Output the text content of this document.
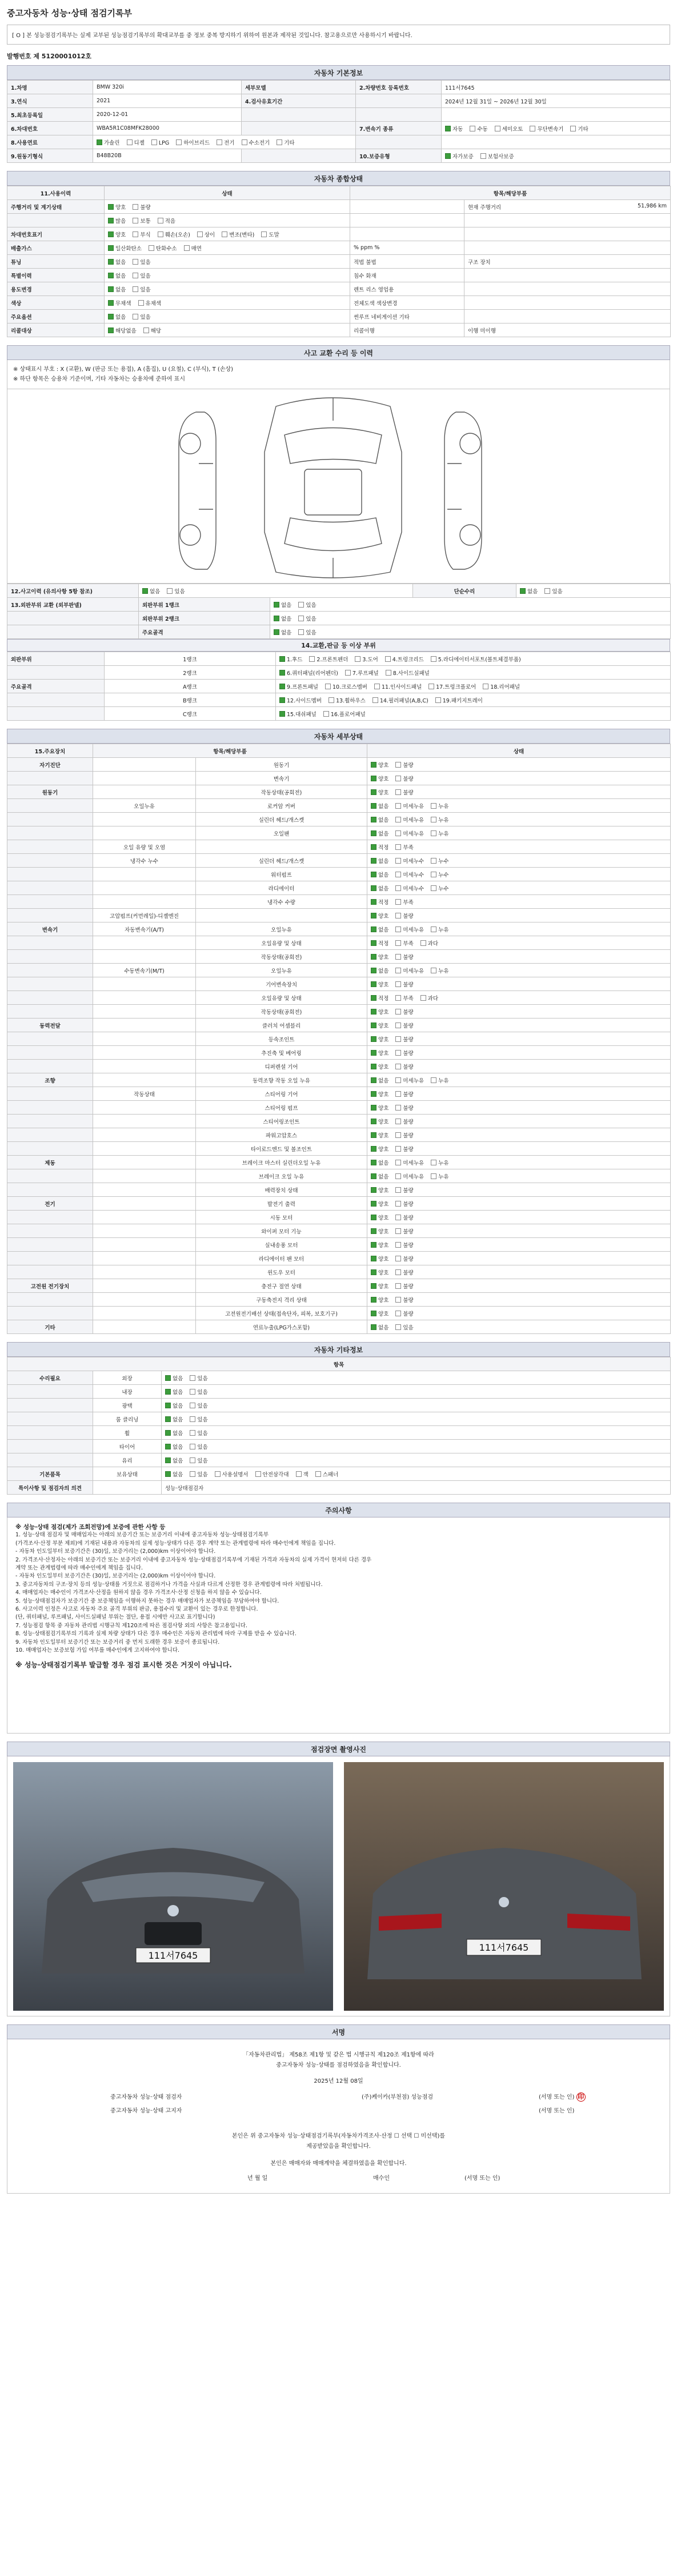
중고자동차 성능·상태 점검기록부
[ O ] 본 성능점검기록부는 실제 교부된 성능점검기록부의 확대교부를 중 정보 중복 방지하기 위하여 원본과 제작된 것입니다. 참고용으로만 사용하시기 바랍니다.
발행번호 제 5120001012호
자동차 기본정보
1.차명	BMW 320i	세부모델	2.차량번호 등록번호	111서7645
3.연식	2021	4.검사유효기간		2024년 12월 31일 ~ 2026년 12월 30일
5.최초등록일	2020-12-01			
6.차대번호	WBA5R1C08MFK28000		7.변속기 종류	자동 수동 세미오토 무단변속기 기타
8.사용연료	가솔린 디젤 LPG 하이브리드 전기 수소전기 기타			
9.원동기형식	B48B20B		10.보증유형	자가보증 보험사보증
자동차 종합상태
11.사용이력	상태	항목/해당부품	
주행거리 및 계기상태	양호 불량		현재 주행거리 51,986 km

	많음 보통 적음		
차대번호표기	양호 부식 훼손(오손) 상이 변조(변타) 도말		
배출가스	일산화탄소 탄화수소 매연	% ppm %	
튜닝	없음 있음	적법 불법	구조 장치
특별이력	없음 있음	침수 화재	
용도변경	없음 있음	렌트 리스 영업용	
색상	무채색 유채색	전체도색 색상변경	
주요옵션	없음 있음	썬루프 네비게이션 기타	
리콜대상	해당없음 해당	리콜이행	이행 미이행
사고 교환 수리 등 이력
※ 상태표시 부호 : X (교환), W (판금 또는 용접), A (흠집), U (요철), C (부식), T (손상)
※ 하단 항목은 승용차 기준이며, 기타 자동차는 승용차에 준하여 표시
12.사고이력 (유의사항 5항 참조)	없음 있음		단순수리	없음 있음
13.외판부위 교환 (외부판넬)	외판부위 1랭크	없음 있음		
	외판부위 2랭크	없음 있음		
	주요골격	없음 있음		
14.교환,판금 등 이상 부위
외판부위	1랭크	1.후드 2.프론트펜더 3.도어 4.트렁크리드 5.라디에이터서포트(볼트체결부품)
	2랭크	6.쿼터패널(리어펜더) 7.루프패널 8.사이드실패널
주요골격	A랭크	9.프론트패널 10.크로스멤버 11.인사이드패널 17.트렁크플로어 18.리어패널
	B랭크	12.사이드멤버 13.휠하우스 14.필러패널(A,B,C) 19.패키지트레이
	C랭크	15.대쉬패널 16.플로어패널
자동차 세부상태
15.주요장치	항목/해당부품		상태
자기진단		원동기	양호 불량
		변속기	양호 불량
원동기		작동상태(공회전)	양호 불량
	오일누유	로커암 커버	없음 미세누유 누유
		실린더 헤드/개스켓	없음 미세누유 누유
		오일팬	없음 미세누유 누유
	오일 유량 및 오염		적정 부족
	냉각수 누수	실린더 헤드/개스켓	없음 미세누수 누수
		워터펌프	없음 미세누수 누수
		라디에이터	없음 미세누수 누수
		냉각수 수량	적정 부족
	고압펌프(커먼레일)-디젤엔진		양호 불량
변속기	자동변속기(A/T)	오일누유	없음 미세누유 누유
		오일유량 및 상태	적정 부족 과다
		작동상태(공회전)	양호 불량
	수동변속기(M/T)	오일누유	없음 미세누유 누유
		기어변속장치	양호 불량
		오일유량 및 상태	적정 부족 과다
		작동상태(공회전)	양호 불량
동력전달		클러치 어셈블리	양호 불량
		등속조인트	양호 불량
		추진축 및 베어링	양호 불량
		디퍼렌셜 기어	양호 불량
조향		동력조향 작동 오일 누유	없음 미세누유 누유
	작동상태	스티어링 기어	양호 불량
		스티어링 펌프	양호 불량
		스티어링조인트	양호 불량
		파워고압호스	양호 불량
		타이로드엔드 및 볼조인트	양호 불량
제동		브레이크 마스터 실린더오일 누유	없음 미세누유 누유
		브레이크 오일 누유	없음 미세누유 누유
		배력장치 상태	양호 불량
전기		발전기 출력	양호 불량
		시동 모터	양호 불량
		와이퍼 모터 기능	양호 불량
		실내송풍 모터	양호 불량
		라디에이터 팬 모터	양호 불량
		윈도우 모터	양호 불량
고전원 전기장치		충전구 절연 상태	양호 불량
		구동축전지 격리 상태	양호 불량
		고전원전기배선 상태(접속단자, 피복, 보호기구)	양호 불량
기타		연료누출(LPG가스포함)	없음 있음
자동차 기타정보
항목		
수리필요	외장	없음 있음
	내장	없음 있음
	광택	없음 있음
	룸 클리닝	없음 있음
	휠	없음 있음
	타이어	없음 있음
	유리	없음 있음
기본품목	보유상태	없음 있음 사용설명서 안전삼각대 잭 스패너
특이사항 및 점검자의 의견		성능·상태점검자
주의사항
※ 성능·상태 점검(제가 조회전망)에 보증에 관한 사항 등
1. 성능·상태 점검자 및 매매업자는 아래의 보증기간 또는 보증거리 이내에 중고자동차 성능·상태점검기록부
(가격조사·산정 부분 제외)에 기재된 내용과 자동차의 실제 성능·상태가 다른 경우 계약 또는 관계법령에 따라 매수인에게 책임을 집니다.
- 자동차 인도일부터 보증기간은 (30)일, 보증거리는 (2,000)km 이상이어야 합니다.
2. 가격조사·산정자는 아래의 보증기간 또는 보증거리 이내에 중고자동차 성능·상태점검기록부에 기재된 가격과 자동차의 실제 가격이 현저히 다른 경우
계약 또는 관계법령에 따라 매수인에게 책임을 집니다.
- 자동차 인도일부터 보증기간은 (30)일, 보증거리는 (2,000)km 이상이어야 합니다.
3. 중고자동차의 구조·장치 등의 성능·상태를 거짓으로 점검하거나 가격을 사실과 다르게 산정한 경우 관계법령에 따라 처벌됩니다.
4. 매매업자는 매수인이 가격조사·산정을 원하지 않을 경우 가격조사·산정 신청을 하지 않을 수 있습니다.
5. 성능·상태점검자가 보증기간 중 보증책임을 이행하지 못하는 경우 매매업자가 보증책임을 부담하여야 합니다.
6. 사고이력 인정은 사고로 자동차 주요 골격 부위의 판금, 용접수리 및 교환이 있는 경우로 한정합니다.
(단, 쿼터패널, 루프패널, 사이드실패널 부위는 절단, 용접 시에만 사고로 표기합니다)
7. 성능점검 항목 중 자동차 관리법 시행규칙 제120조에 따른 점검사항 외의 사항은 참고용입니다.
8. 성능·상태점검기록부의 기록과 실제 차량 상태가 다른 경우 매수인은 자동차 관리법에 따라 구제를 받을 수 있습니다.
9. 자동차 인도일부터 보증기간 또는 보증거리 중 먼저 도래한 경우 보증이 종료됩니다.
10. 매매업자는 보증보험 가입 여부를 매수인에게 고지하여야 합니다.
※ 성능·상태점검기록부 발급할 경우 점검 표시한 것은 거짓이 아닙니다.
점검장면 촬영사진
111서7645
111서7645
서명
「자동차관리법」 제58조 제1항 및 같은 법 시행규칙 제120조 제1항에 따라
중고자동차 성능·상태를 점검하였음을 확인합니다.
2025년 12월 08일
중고자동차 성능·상태 점검자	(주)케이카(부천점) 성능점검	(서명 또는 인) 印
중고자동차 성능·상태 고지자	(서명 또는 인)
본인은 위 중고자동차 성능·상태점검기록부(자동차가격조사·산정 ☐ 선택 ☐ 미선택)를
제공받았음을 확인합니다.
본인은 매매자와 매매계약을 체결하였음을 확인합니다.
년 월 일	매수인	(서명 또는 인)
